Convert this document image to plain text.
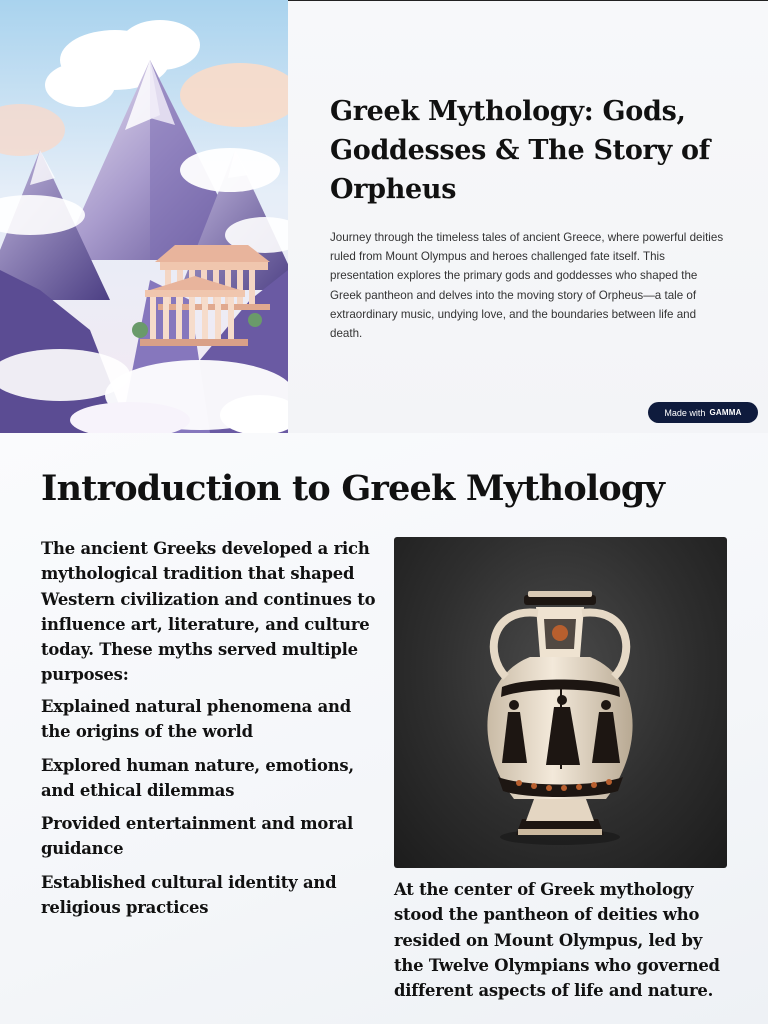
Greek Mythology: Gods, Goddesses & The Story of Orpheus

Journey through the timeless tales of ancient Greece, where powerful deities ruled from Mount Olympus and heroes challenged fate itself. This presentation explores the primary gods and goddesses who shaped the Greek pantheon and delves into the moving story of Orpheus—a tale of extraordinary music, undying love, and the boundaries between life and death.

Made with GAMMA
Introduction to Greek Mythology

The ancient Greeks developed a rich mythological tradition that shaped Western civilization and continues to influence art, literature, and culture today. These myths served multiple purposes:

Explained natural phenomena and the origins of the world
Explored human nature, emotions, and ethical dilemmas
Provided entertainment and moral guidance
Established cultural identity and religious practices

At the center of Greek mythology stood the pantheon of deities who resided on Mount Olympus, led by the Twelve Olympians who governed different aspects of life and nature.
